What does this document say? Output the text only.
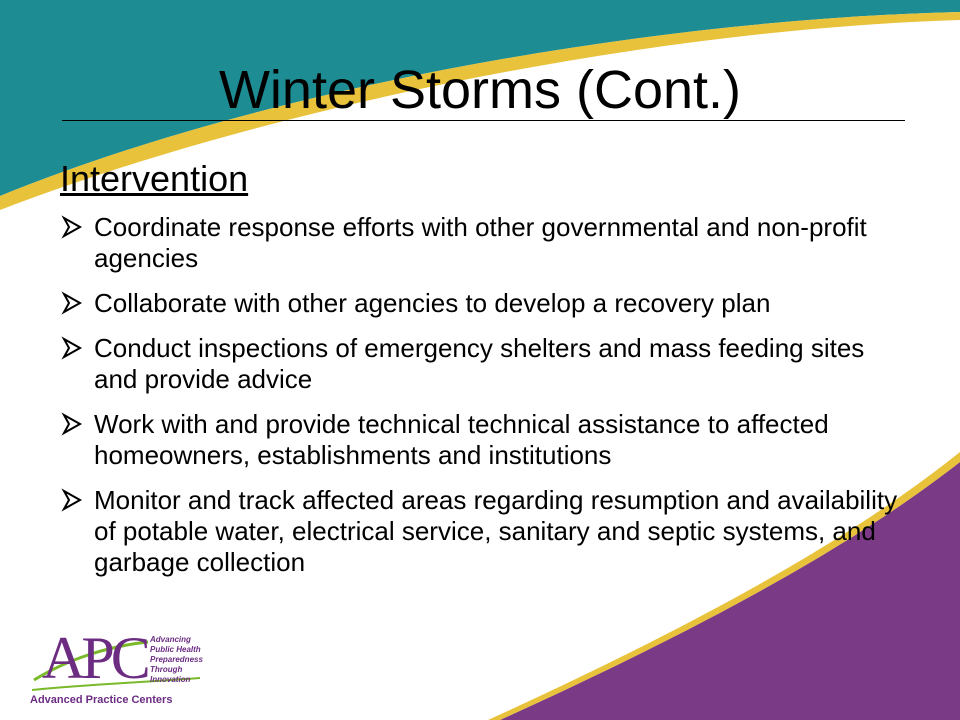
Winter Storms (Cont.)
Intervention
Coordinate response efforts with other governmental and non-profit agencies
Collaborate with other agencies to develop a recovery plan
Conduct inspections of emergency shelters and mass feeding sites and provide advice
Work with and provide technical technical assistance to affected homeowners, establishments and institutions
Monitor and track affected areas regarding resumption and availability of potable water, electrical service, sanitary and septic systems, and garbage collection
APC Advancing
Public Health
Preparedness
Through
Innovation
Advanced Practice Centers
